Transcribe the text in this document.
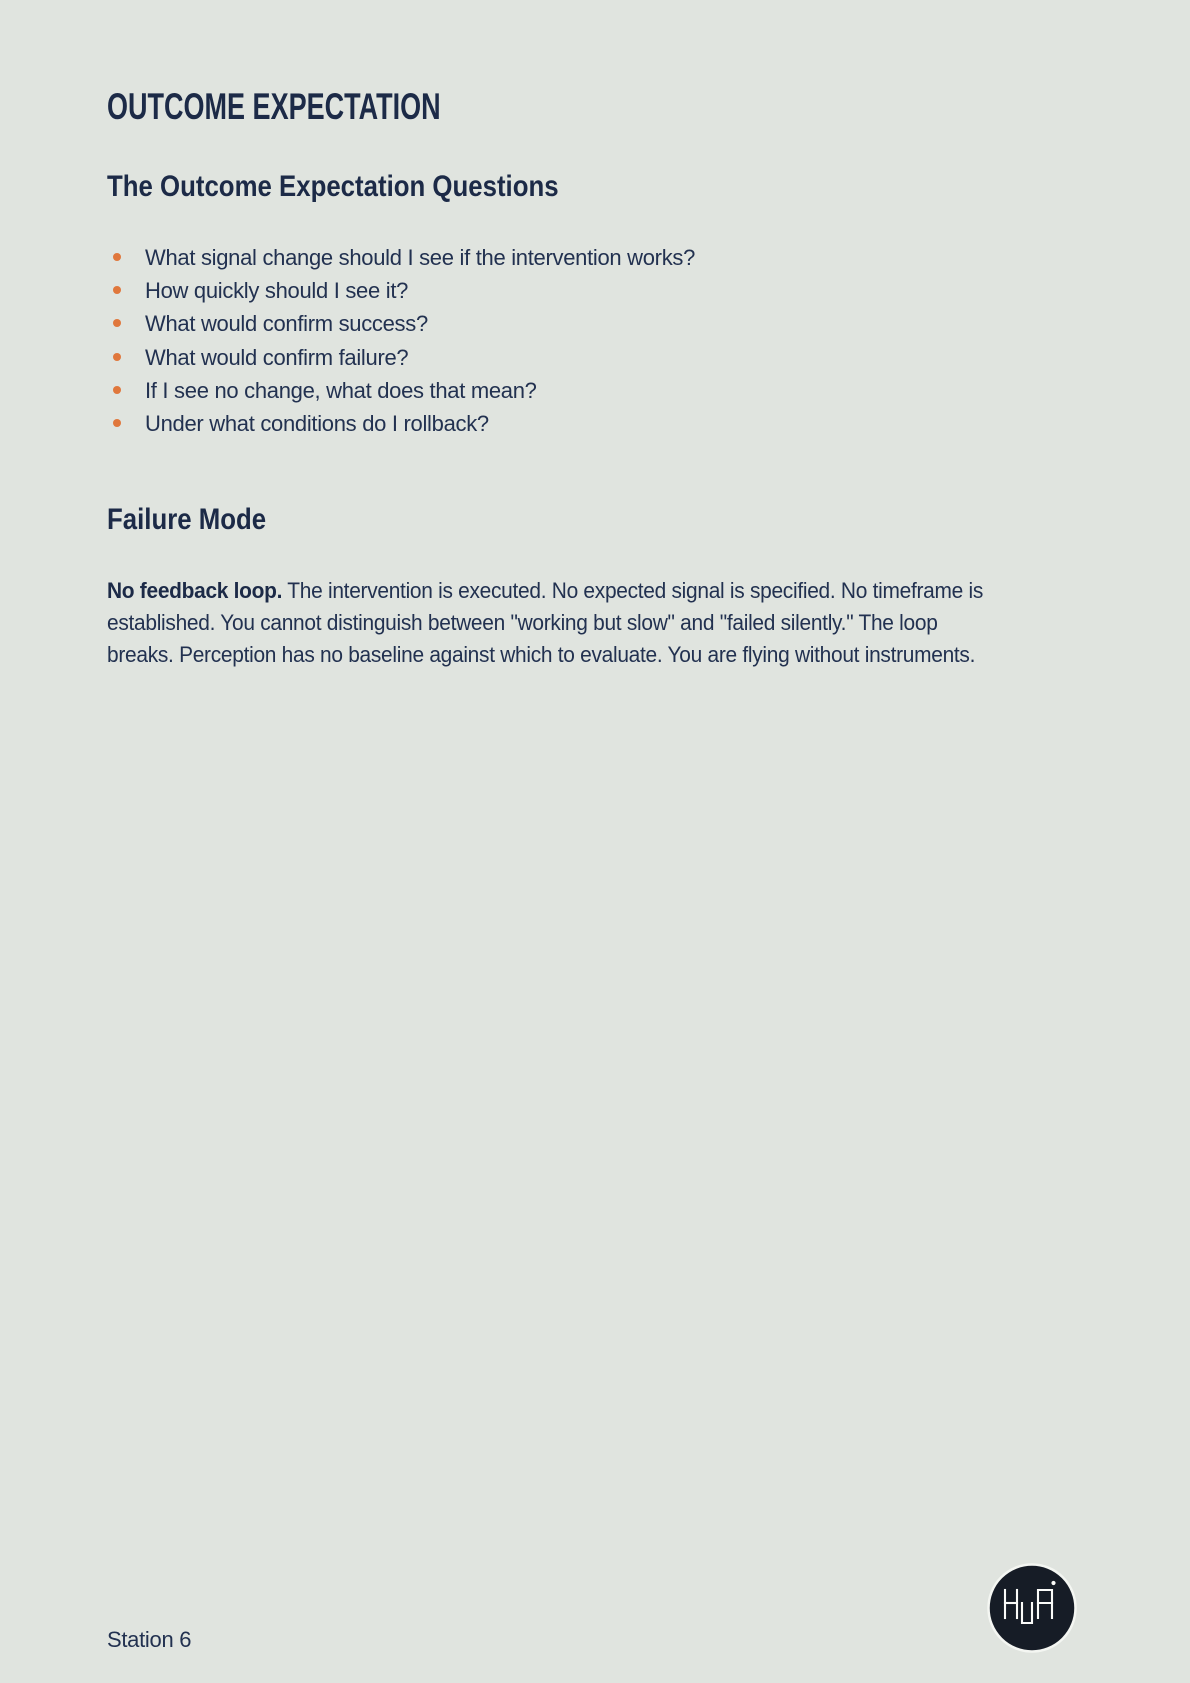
OUTCOME EXPECTATION
The Outcome Expectation Questions
What signal change should I see if the intervention works?
How quickly should I see it?
What would confirm success?
What would confirm failure?
If I see no change, what does that mean?
Under what conditions do I rollback?
Failure Mode

No feedback loop. The intervention is executed. No expected signal is specified. No timeframe is
established. You cannot distinguish between "working but slow" and "failed silently." The loop
breaks. Perception has no baseline against which to evaluate. You are flying without instruments.

Station 6
